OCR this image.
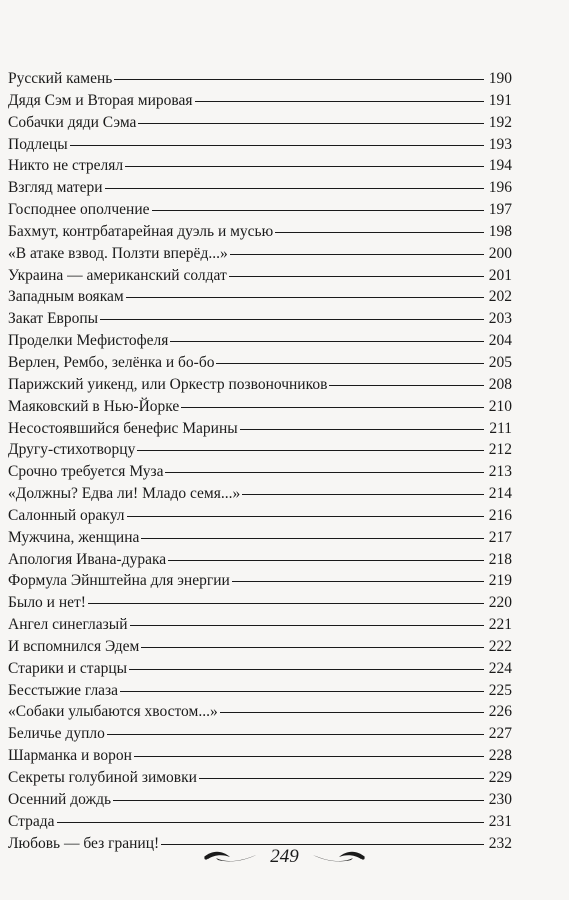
Русский камень	190
Дядя Сэм и Вторая мировая	191
Собачки дяди Сэма	192
Подлецы	193
Никто не стрелял	194
Взгляд матери	196
Господнее ополчение	197
Бахмут, контрбатарейная дуэль и мусью	198
«В атаке взвод. Ползти вперёд...»	200
Украина — американский солдат	201
Западным воякам	202
Закат Европы	203
Проделки Мефистофеля	204
Верлен, Рембо, зелёнка и бо-бо	205
Парижский уикенд, или Оркестр позвоночников	208
Маяковский в Нью-Йорке	210
Несостоявшийся бенефис Марины	211
Другу-стихотворцу	212
Срочно требуется Муза	213
«Должны? Едва ли! Младо семя...»	214
Салонный оракул	216
Мужчина, женщина	217
Апология Ивана-дурака	218
Формула Эйнштейна для энергии	219
Было и нет!	220
Ангел синеглазый	221
И вспомнился Эдем	222
Старики и старцы	224
Бесстыжие глаза	225
«Собаки улыбаются хвостом...»	226
Беличье дупло	227
Шарманка и ворон	228
Секреты голубиной зимовки	229
Осенний дождь	230
Страда	231
Любовь — без границ!	232
249
